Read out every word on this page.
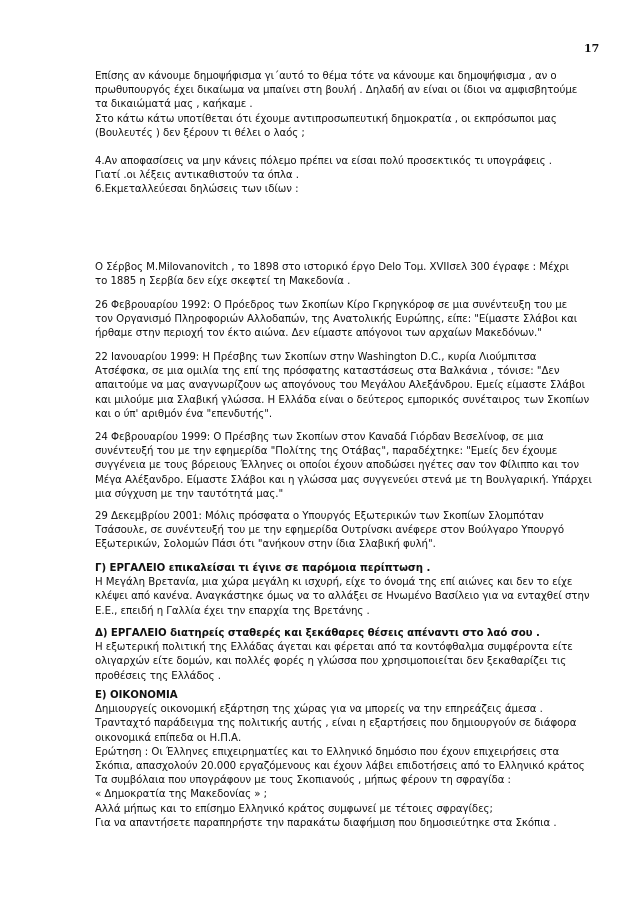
17
Επίσης αν κάνουμε δημοψήφισμα γι΄αυτό το θέμα τότε να κάνουμε και δημοψήφισμα , αν ο
πρωθυπουργός έχει δικαίωμα να μπαίνει στη βουλή . Δηλαδή αν είναι οι ίδιοι να αμφισβητούμε
τα δικαιώματά μας , καήκαμε .
Στο κάτω κάτω υποτίθεται ότι έχουμε αντιπροσωπευτική δημοκρατία , οι εκπρόσωποι μας
(Βουλευτές ) δεν ξέρουν τι θέλει ο λαός ;
4.Αν αποφασίσεις να μην κάνεις πόλεμο πρέπει να είσαι πολύ προσεκτικός τι υπογράφεις .
Γιατί .οι λέξεις αντικαθιστούν τα όπλα .
6.Εκμεταλλεύεσαι δηλώσεις των ιδίων :
Ο Σέρβος M.Milovanovitch , το 1898 στο ιστορικό έργο Delo Τομ. XVIIσελ 300 έγραφε : Μέχρι
το 1885 η Σερβία δεν είχε σκεφτεί τη Μακεδονία .
26 Φεβρουαρίου 1992: Ο Πρόεδρος των Σκοπίων Κίρο Γκρηγκόροφ σε μια συνέντευξη του με
τον Οργανισμό Πληροφοριών Αλλοδαπών, της Ανατολικής Ευρώπης, είπε: "Είμαστε Σλάβοι και
ήρθαμε στην περιοχή τον έκτο αιώνα. Δεν είμαστε απόγονοι των αρχαίων Μακεδόνων."
22 Ιανουαρίου 1999: Η Πρέσβης των Σκοπίων στην Washington D.C., κυρία Λιούμπιτσα
Ατσέφσκα, σε μια ομιλία της επί της πρόσφατης καταστάσεως στα Βαλκάνια , τόνισε: "Δεν
απαιτούμε να μας αναγνωρίζουν ως απογόνους του Μεγάλου Αλεξάνδρου. Εμείς είμαστε Σλάβοι
και μιλούμε μια Σλαβική γλώσσα. Η Ελλάδα είναι ο δεύτερος εμπορικός συνέταιρος των Σκοπίων
και ο ύπ' αριθμόν ένα "επενδυτής".
24 Φεβρουαρίου 1999: Ο Πρέσβης των Σκοπίων στον Καναδά Γιόρδαν Βεσελίνοφ, σε μια
συνέντευξή του με την εφημερίδα "Πολίτης της Οτάβας", παραδέχτηκε: "Εμείς δεν έχουμε
συγγένεια με τους βόρειους Έλληνες οι οποίοι έχουν αποδώσει ηγέτες σαν τον Φίλιππο και τον
Μέγα Αλέξανδρο. Είμαστε Σλάβοι και η γλώσσα μας συγγενεύει στενά με τη Βουλγαρική. Υπάρχει
μια σύγχυση με την ταυτότητά μας."
29 Δεκεμβρίου 2001: Μόλις πρόσφατα ο Υπουργός Εξωτερικών των Σκοπίων Σλομπόταν
Τσάσουλε, σε συνέντευξή του με την εφημερίδα Ουτρίνσκι ανέφερε στον Βούλγαρο Υπουργό
Εξωτερικών, Σολομών Πάσι ότι "ανήκουν στην ίδια Σλαβική φυλή".
Γ) ΕΡΓΑΛΕΙΟ επικαλείσαι τι έγινε σε παρόμοια περίπτωση .
Η Μεγάλη Βρετανία, μια χώρα μεγάλη κι ισχυρή, είχε το όνομά της επί αιώνες και δεν το είχε
κλέψει από κανένα. Αναγκάστηκε όμως να το αλλάξει σε Ηνωμένο Βασίλειο για να ενταχθεί στην
Ε.Ε., επειδή η Γαλλία έχει την επαρχία της Βρετάνης .
Δ) ΕΡΓΑΛΕΙΟ διατηρείς σταθερές και ξεκάθαρες θέσεις απέναντι στο λαό σου .
Η εξωτερική πολιτική της Ελλάδας άγεται και φέρεται από τα κοντόφθαλμα συμφέροντα είτε
ολιγαρχών είτε δομών, και πολλές φορές η γλώσσα που χρησιμοποιείται δεν ξεκαθαρίζει τις
προθέσεις της Ελλάδος .
Ε) ΟΙΚΟΝΟΜΙΑ
Δημιουργείς οικονομική εξάρτηση της χώρας για να μπορείς να την επηρεάζεις άμεσα .
Τρανταχτό παράδειγμα της πολιτικής αυτής , είναι η εξαρτήσεις που δημιουργούν σε διάφορα
οικονομικά επίπεδα οι Η.Π.Α.
Ερώτηση : Οι Έλληνες επιχειρηματίες και το Ελληνικό δημόσιο που έχουν επιχειρήσεις στα
Σκόπια, απασχολούν 20.000 εργαζόμενους και έχουν λάβει επιδοτήσεις από το Ελληνικό κράτος
Τα συμβόλαια που υπογράφουν με τους Σκοπιανούς , μήπως φέρουν τη σφραγίδα :
« Δημοκρατία της Μακεδονίας » ;
Αλλά μήπως και το επίσημο Ελληνικό κράτος συμφωνεί με τέτοιες σφραγίδες;
Για να απαντήσετε παραπηρήστε την παρακάτω διαφήμιση που δημοσιεύτηκε στα Σκόπια .
